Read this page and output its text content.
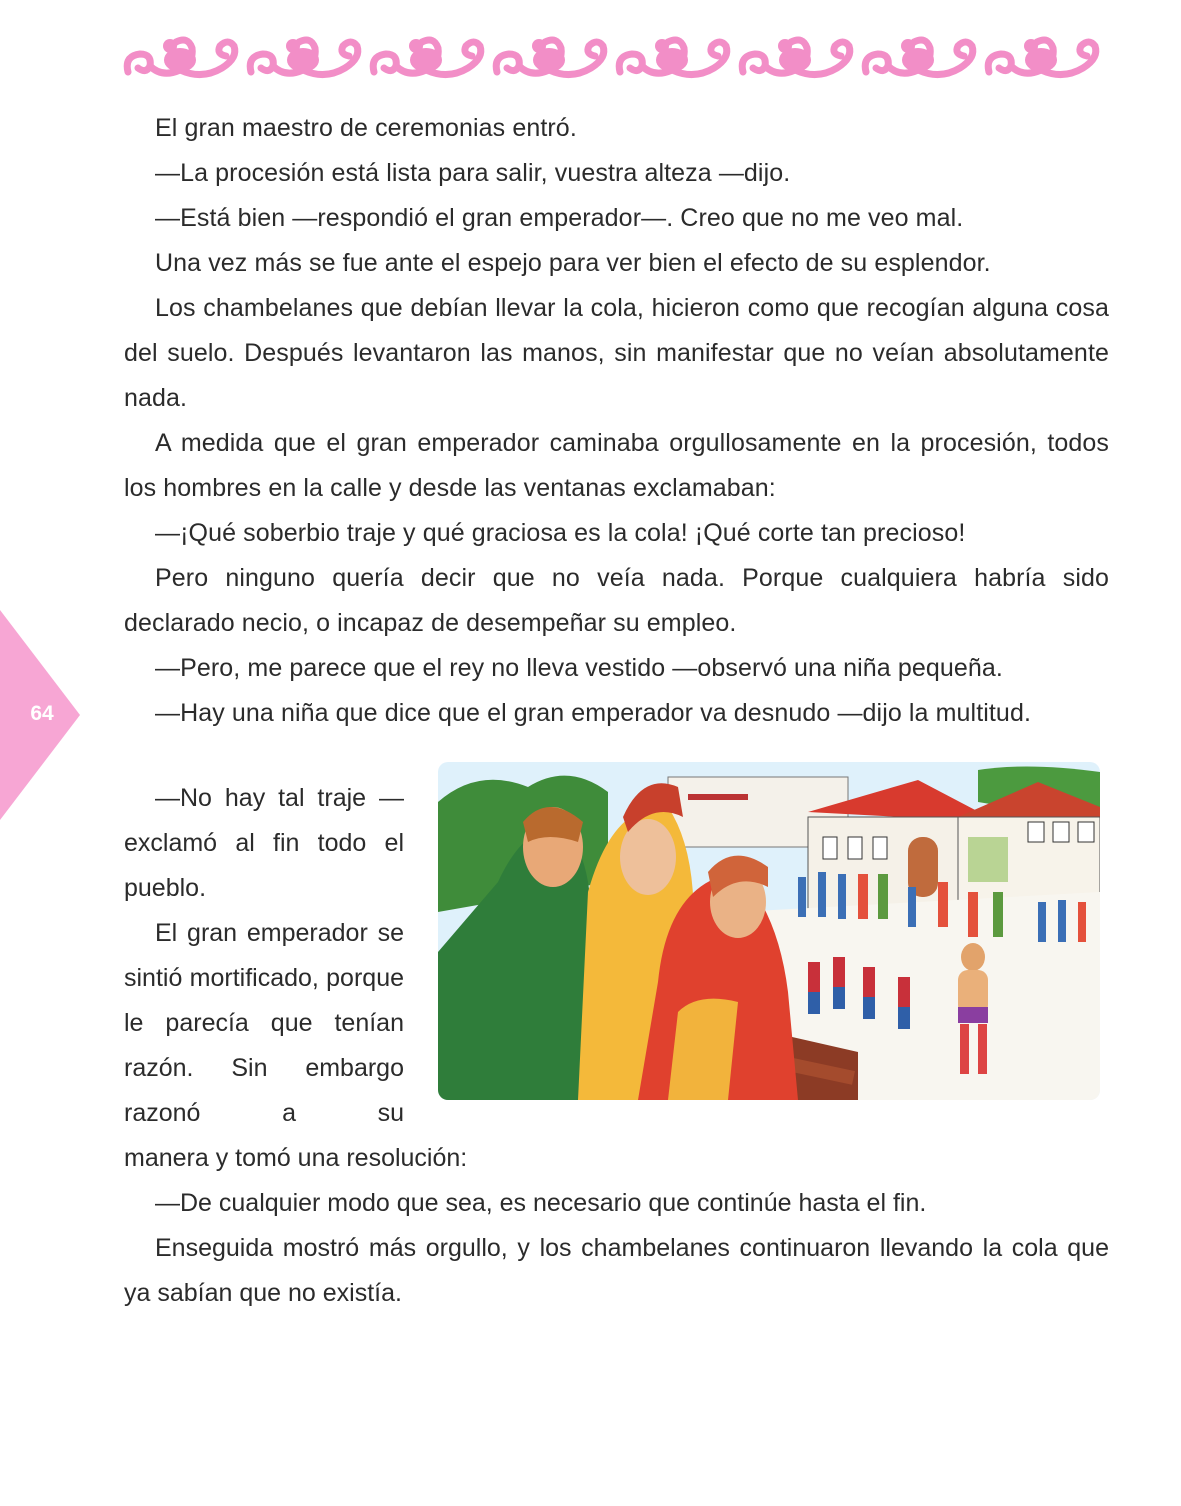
64

El gran maestro de ceremonias entró.

—La procesión está lista para salir, vuestra alteza —dijo.

—Está bien —respondió el gran emperador—. Creo que no me veo mal.

Una vez más se fue ante el espejo para ver bien el efecto de su esplendor.

Los chambelanes que debían llevar la cola, hicieron como que recogían alguna cosa del suelo. Después levantaron las manos, sin manifestar que no veían absolutamente nada.

A medida que el gran emperador caminaba orgullosamente en la procesión, todos los hombres en la calle y desde las ventanas exclamaban:

—¡Qué soberbio traje y qué graciosa es la cola! ¡Qué corte tan precioso!

Pero ninguno quería decir que no veía nada. Porque cualquiera habría sido declarado necio, o incapaz de desempeñar su empleo.

—Pero, me parece que el rey no lleva vestido —observó una niña pequeña.

—Hay una niña que dice que el gran emperador va desnudo —dijo la multitud.

—No hay tal traje —exclamó al fin todo el pueblo.

El gran emperador se sintió mortificado, porque le parecía que tenían razón. Sin embargo razonó a su

manera y tomó una resolución:

—De cualquier modo que sea, es necesario que continúe hasta el fin.

Enseguida mostró más orgullo, y los chambelanes continuaron llevando la cola que ya sabían que no existía.
